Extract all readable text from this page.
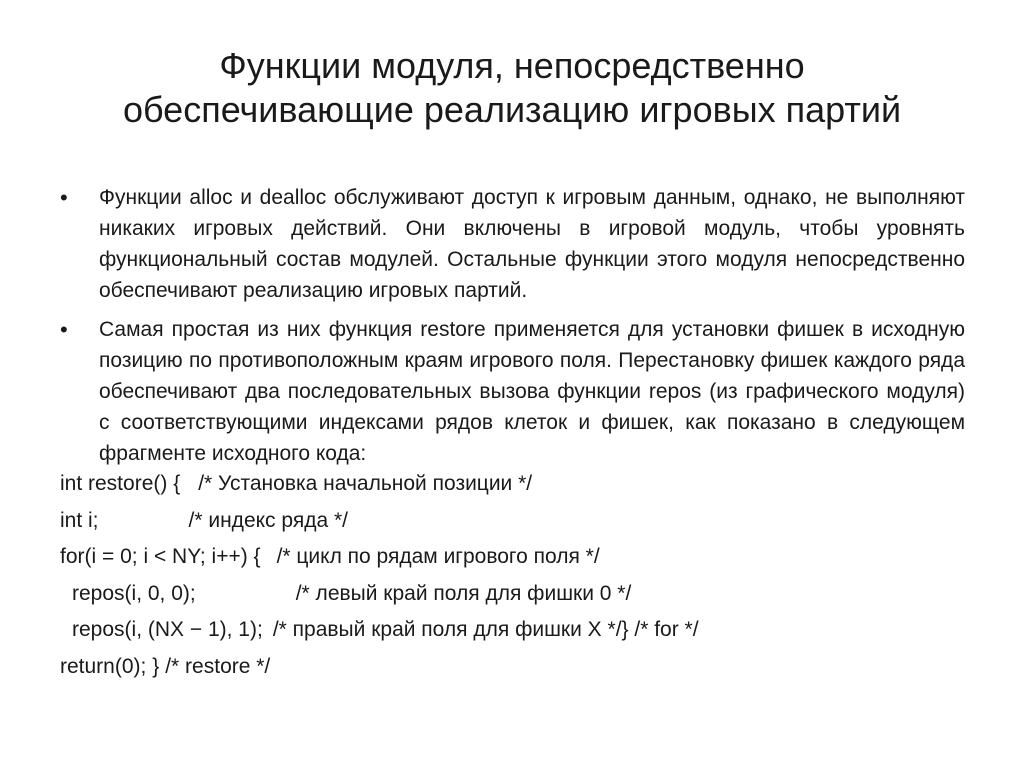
Функции модуля, непосредственно
обеспечивающие реализацию игровых партий
• Функции alloc и dealloc обслуживают доступ к игровым данным, однако, не выполняют никаких игровых действий. Они включены в игровой модуль, чтобы уровнять функциональный состав модулей. Остальные функции этого модуля непосредственно обеспечивают реализацию игровых партий.
• Самая простая из них функция restore применяется для установки фишек в исходную позицию по противоположным краям игрового поля. Перестановку фишек каждого ряда обеспечивают два последовательных вызова функции repos (из графического модуля) с соответствующими индексами рядов клеток и фишек, как показано в следующем фрагменте исходного кода:
int restore() { /* Установка начальной позиции */
int i;	/* индекс ряда */
for(i = 0; i < NY; i++) { /* цикл по рядам игрового поля */
repos(i, 0, 0);	/* левый край поля для фишки 0 */
repos(i, (NX − 1), 1); /* правый край поля для фишки X */} /* for */
return(0); } /* restore */
